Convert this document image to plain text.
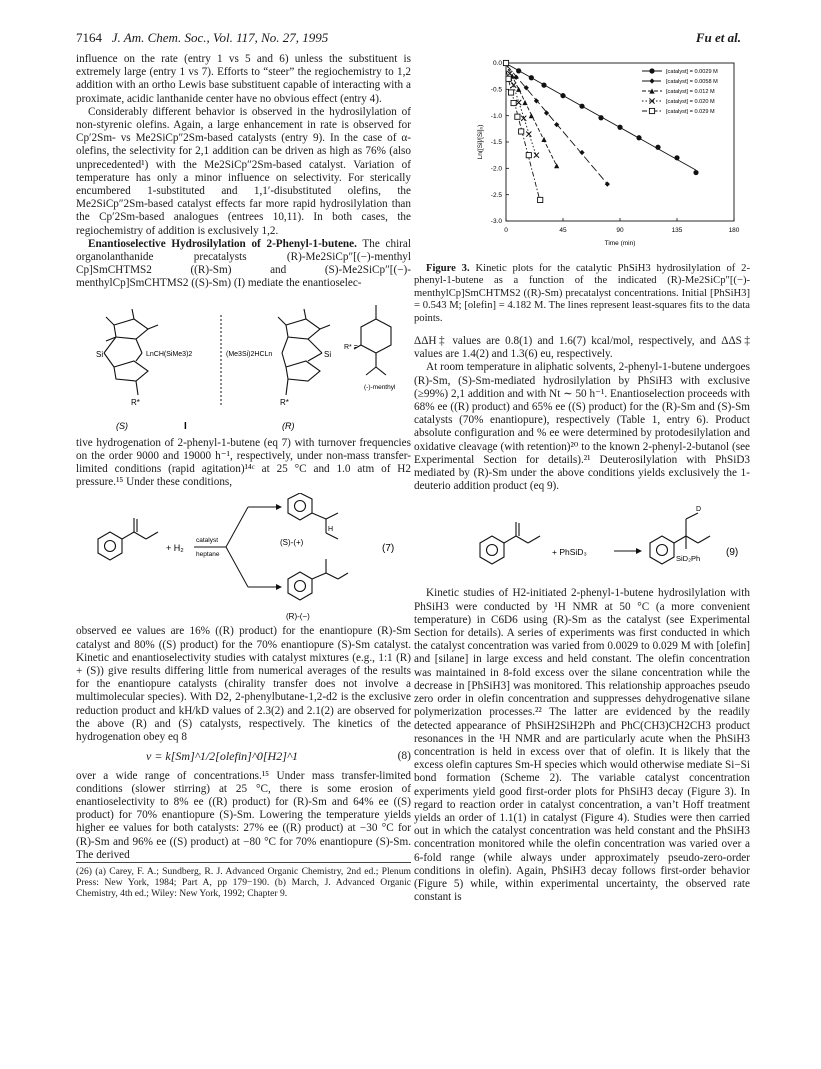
7164 J. Am. Chem. Soc., Vol. 117, No. 27, 1995	Fu et al.

influence on the rate (entry 1 vs 5 and 6) unless the substituent is extremely large (entry 1 vs 7). Efforts to “steer” the regiochemistry to 1,2 addition with an ortho Lewis base substituent capable of interacting with a proximate, acidic lanthanide center have no obvious effect (entry 4).

Considerably different behavior is observed in the hydrosilylation of non-styrenic olefins. Again, a large enhancement in rate is observed for Cp′2Sm- vs Me2SiCp″2Sm-based catalysts (entry 9). In the case of α-olefins, the selectivity for 2,1 addition can be driven as high as 76% (also unprecedented¹) with the Me2SiCp″2Sm-based catalyst. Variation of temperature has only a minor influence on selectivity. For sterically encumbered 1-substituted and 1,1′-disubstituted olefins, the Me2SiCp″2Sm-based catalyst effects far more rapid hydrosilylation than the Cp′2Sm-based analogues (entrees 10,11). In both cases, the regiochemistry of addition is exclusively 1,2.

Enantioselective Hydrosilylation of 2-Phenyl-1-butene. The chiral organolanthanide precatalysts (R)-Me2SiCp″[(−)-menthyl Cp]SmCHTMS2 ((R)-Sm) and (S)-Me2SiCp″[(−)-menthylCp]SmCHTMS2 ((S)-Sm) (I) mediate the enantioselec-

Si	LnCH(SiMe3)2
R*
(S)	I
(Me3Si)2HCLn	Si
R*
(R)
R* =
(-)-menthyl

tive hydrogenation of 2-phenyl-1-butene (eq 7) with turnover frequencies on the order 9000 and 19000 h⁻¹, respectively, under non-mass transfer-limited conditions (rapid agitation)¹⁴ᶜ at 25 °C and 1.0 atm of H2 pressure.¹⁵ Under these conditions,

+ H₂
catalyst
heptane
H
(S)-(+)
(R)-(−)
(7)

observed ee values are 16% ((R) product) for the enantiopure (R)-Sm catalyst and 80% ((S) product) for the 70% enantiopure (S)-Sm catalyst. Kinetic and enantioselectivity studies with catalyst mixtures (e.g., 1:1 (R) + (S)) give results differing little from numerical averages of the results for the enantiopure catalysts (chirality transfer does not involve a multimolecular species). With D2, 2-phenylbutane-1,2-d2 is the exclusive reduction product and kH/kD values of 2.3(2) and 2.1(2) are observed for the above (R) and (S) catalysts, respectively. The kinetics of the hydrogenation obey eq 8

ν = k[Sm]^1/2[olefin]^0[H2]^1	(8)

over a wide range of concentrations.¹⁵ Under mass transfer-limited conditions (slower stirring) at 25 °C, there is some erosion of enantioselectivity to 8% ee ((R) product) for (R)-Sm and 64% ee ((S) product) for 70% enantiopure (S)-Sm. Lowering the temperature yields higher ee values for both catalysts: 27% ee ((R) product) at −30 °C for (R)-Sm and 96% ee ((S) product) at −80 °C for 70% enantiopure (S)-Sm. The derived

(26) (a) Carey, F. A.; Sundberg, R. J. Advanced Organic Chemistry, 2nd ed.; Plenum Press: New York, 1984; Part A, pp 179−190. (b) March, J. Advanced Organic Chemistry, 4th ed.; Wiley: New York, 1992; Chapter 9.

0	45	90	135	180
0.0
-0.5
-1.0
-1.5
-2.0
-2.5
-3.0
Time (min)
Ln([Si]/[Si]₀)
[catalyst] = 0.0029 M
[catalyst] = 0.0058 M
[catalyst] = 0.012 M
[catalyst] = 0.020 M
[catalyst] = 0.029 M

Figure 3. Kinetic plots for the catalytic PhSiH3 hydrosilylation of 2-phenyl-1-butene as a function of the indicated (R)-Me2SiCp″[(−)-menthylCp]SmCHTMS2 ((R)-Sm) precatalyst concentrations. Initial [PhSiH3] = 0.543 M; [olefin] = 4.182 M. The lines represent least-squares fits to the data points.

ΔΔH‡ values are 0.8(1) and 1.6(7) kcal/mol, respectively, and ΔΔS‡ values are 1.4(2) and 1.3(6) eu, respectively.

At room temperature in aliphatic solvents, 2-phenyl-1-butene undergoes (R)-Sm, (S)-Sm-mediated hydrosilylation by PhSiH3 with exclusive (≥99%) 2,1 addition and with Nt ∼ 50 h⁻¹. Enantioselection proceeds with 68% ee ((R) product) and 65% ee ((S) product) for the (R)-Sm and (S)-Sm catalysts (70% enantiopure), respectively (Table 1, entry 6). Product absolute configuration and % ee were determined by protodesilylation and oxidative cleavage (with retention)²⁰ to the known 2-phenyl-2-butanol (see Experimental Section for details).²¹ Deuterosilylation with PhSiD3 mediated by (R)-Sm under the above conditions yields exclusively the 1-deuterio addition product (eq 9).

+ PhSiD₃
D
SiD₂Ph
(9)

Kinetic studies of H2-initiated 2-phenyl-1-butene hydrosilylation with PhSiH3 were conducted by ¹H NMR at 50 °C (a more convenient temperature) in C6D6 using (R)-Sm as the catalyst (see Experimental Section for details). A series of experiments was first conducted in which the catalyst concentration was varied from 0.0029 to 0.029 M with [olefin] and [silane] in large excess and held constant. The olefin concentration was maintained in 8-fold excess over the silane concentration while the decrease in [PhSiH3] was monitored. This relationship approaches pseudo zero order in olefin concentration and suppresses dehydrogenative silane polymerization processes.²² The latter are evidenced by the readily detected appearance of PhSiH2SiH2Ph and PhC(CH3)CH2CH3 product resonances in the ¹H NMR and are particularly acute when the PhSiH3 concentration is held in excess over that of olefin. It is likely that the excess olefin captures Sm-H species which would otherwise mediate Si−Si bond formation (Scheme 2). The variable catalyst concentration experiments yield good first-order plots for PhSiH3 decay (Figure 3). In regard to reaction order in catalyst concentration, a van’t Hoff treatment yields an order of 1.1(1) in catalyst (Figure 4). Studies were then carried out in which the catalyst concentration was held constant and the PhSiH3 concentration monitored while the olefin concentration was varied over a 6-fold range (while always under approximately pseudo-zero-order conditions in olefin). Again, PhSiH3 decay follows first-order behavior (Figure 5) while, within experimental uncertainty, the observed rate constant is
